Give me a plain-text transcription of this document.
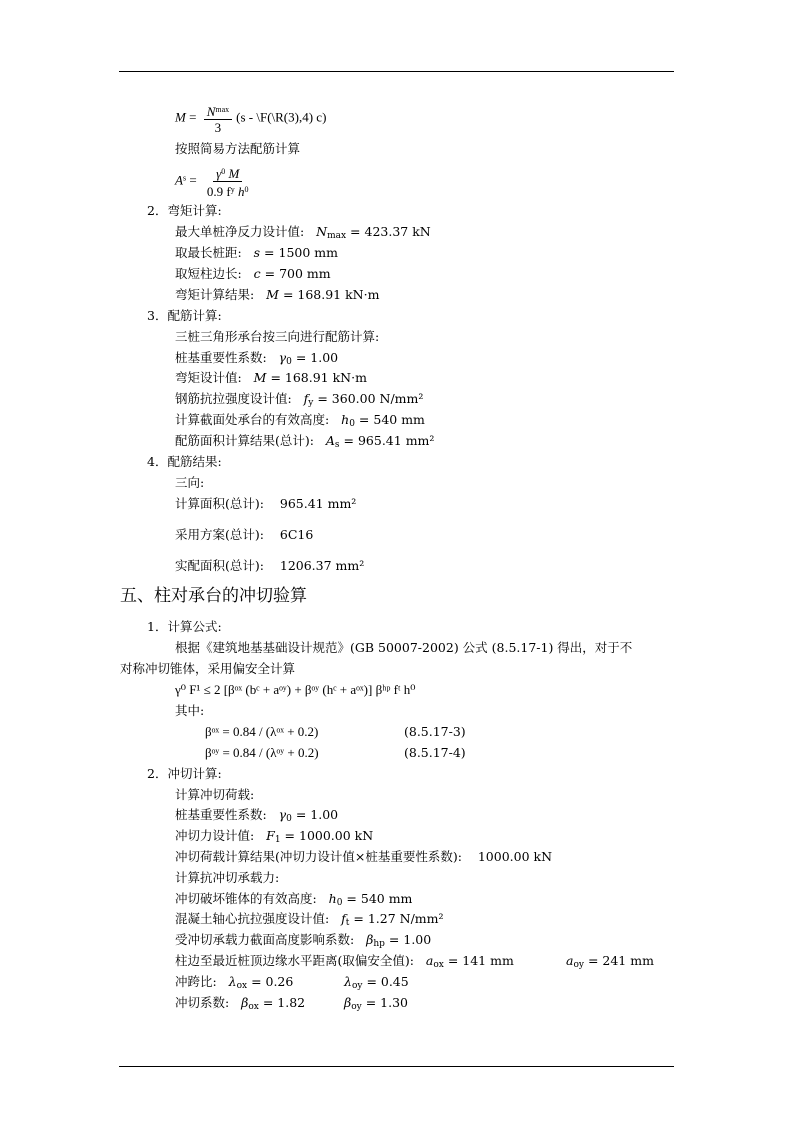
$M = \frac{N^{max}}{3} (s$ - \F(\R(3),4) c)
按照简易方法配筋计算
$A^s = \frac{\gamma^0 M}{0.9 f^y h^0}$
2．弯矩计算:
最大单桩净反力设计值: $N_{max} = 423.37$ kN
取最长桩距: s = 1500 mm
取短柱边长: c = 700 mm
弯矩计算结果: M = 168.91 kN·m
3．配筋计算:
三桩三角形承台按三向进行配筋计算:
桩基重要性系数: $\gamma_0 = 1.00$
弯矩设计值: M = 168.91 kN·m
钢筋抗拉强度设计值: $f_y = 360.00$ N/mm²
计算截面处承台的有效高度: $h_0 = 540$ mm
配筋面积计算结果(总计): $A_s = 965.41$ mm²
4．配筋结果:
三向:
计算面积(总计): 965.41 mm²
采用方案(总计): 6C16
实配面积(总计): 1206.37 mm²
五、柱对承台的冲切验算
1．计算公式:
根据《建筑地基基础设计规范》(GB 50007-2002) 公式 (8.5.17-1) 得出，对于不
对称冲切锥体，采用偏安全计算
γ⁰ F¹ ≤ 2 [βᵒˣ (bᶜ + aᵒʸ) + βᵒʸ (hᶜ + aᵒˣ)] βʰᵖ fᵗ h⁰
其中:
βᵒˣ = 0.84 / (λᵒˣ + 0.2)	(8.5.17-3)
βᵒʸ = 0.84 / (λᵒʸ + 0.2)	(8.5.17-4)
2．冲切计算:
计算冲切荷载:
桩基重要性系数: $\gamma_0 = 1.00$
冲切力设计值: $F_1 = 1000.00$ kN
冲切荷载计算结果(冲切力设计值×桩基重要性系数): 1000.00 kN
计算抗冲切承载力:
冲切破坏锥体的有效高度: $h_0 = 540$ mm
混凝土轴心抗拉强度设计值: $f_t = 1.27$ N/mm²
受冲切承载力截面高度影响系数: $\beta_{hp} = 1.00$
柱边至最近桩顶边缘水平距离(取偏安全值): $a_{ox} = 141$ mm	$a_{oy} = 241$ mm
冲跨比: $\lambda_{ox} = 0.26$	$\lambda_{oy} = 0.45$
冲切系数: $\beta_{ox} = 1.82$	$\beta_{oy} = 1.30$
